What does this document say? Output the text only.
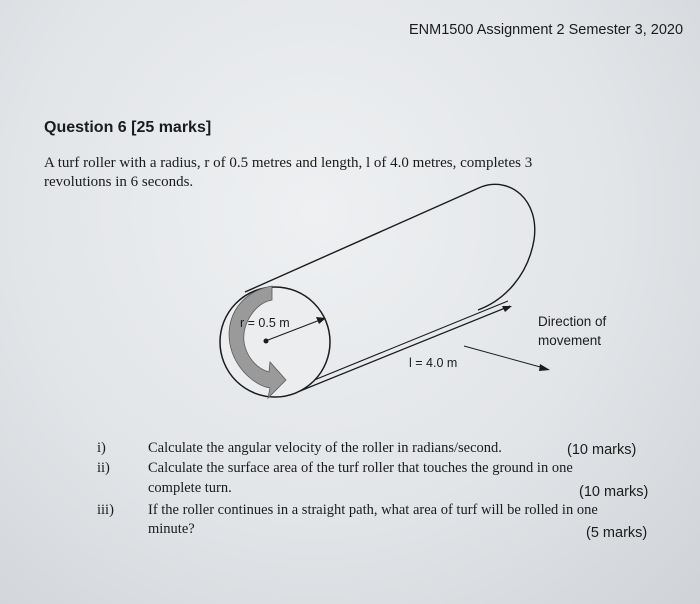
ENM1500 Assignment 2 Semester 3, 2020
Question 6 [25 marks]
A turf roller with a radius, r of 0.5 metres and length, l of 4.0 metres, completes 3
revolutions in 6 seconds.
r = 0.5 m
l = 4.0 m
Direction of
movement
i)	Calculate the angular velocity of the roller in radians/second.	(10 marks)
ii)	Calculate the surface area of the turf roller that touches the ground in one
complete turn.	(10 marks)
iii) If the roller continues in a straight path, what area of turf will be rolled in one
minute?	(5 marks)
